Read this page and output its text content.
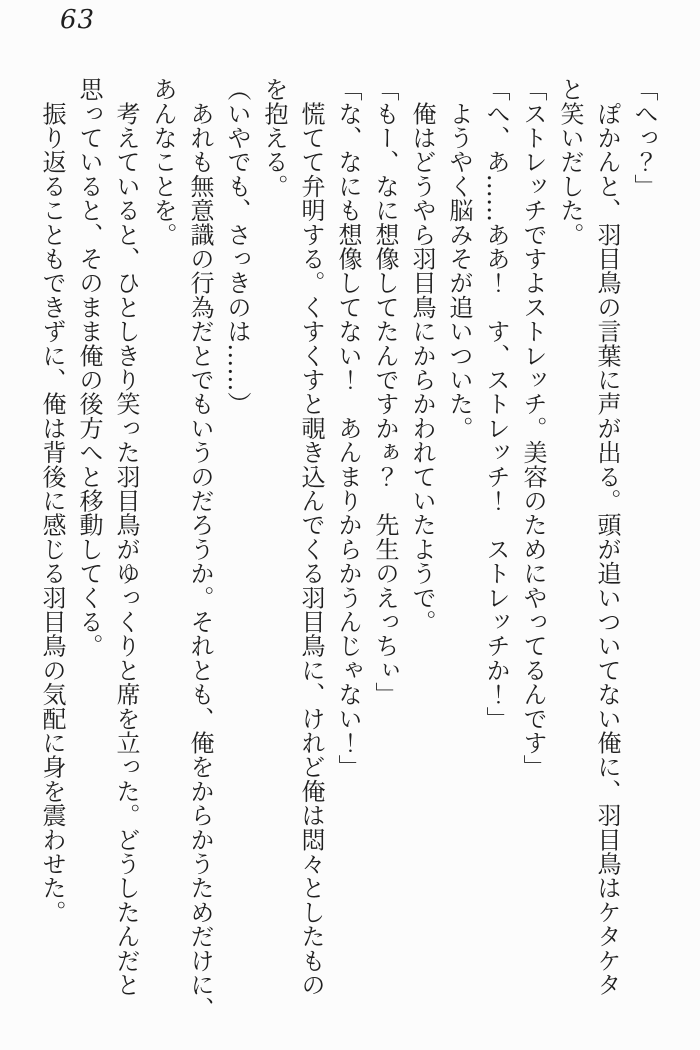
63
「へっ？」
　ぽかんと、羽目鳥の言葉に声が出る。頭が追いついてない俺に、羽目鳥はケタケタ
と笑いだした。
「ストレッチですよストレッチ。美容のためにやってるんです」
「へ、あ……ああ！　す、ストレッチ！　ストレッチか！」
　ようやく脳みそが追いついた。
　俺はどうやら羽目鳥にからかわれていたようで。
「もー、なに想像してたんですかぁ？　先生のえっちぃ」
「な、なにも想像してない！　あんまりからかうんじゃない！」
　慌てて弁明する。くすくすと覗き込んでくる羽目鳥に、けれど俺は悶々としたもの
を抱える。
（いやでも、さっきのは……）
　あれも無意識の行為だとでもいうのだろうか。それとも、俺をからかうためだけに、
あんなことを。
　考えていると、ひとしきり笑った羽目鳥がゆっくりと席を立った。どうしたんだと
思っていると、そのまま俺の後方へと移動してくる。
　振り返ることもできずに、俺は背後に感じる羽目鳥の気配に身を震わせた。
